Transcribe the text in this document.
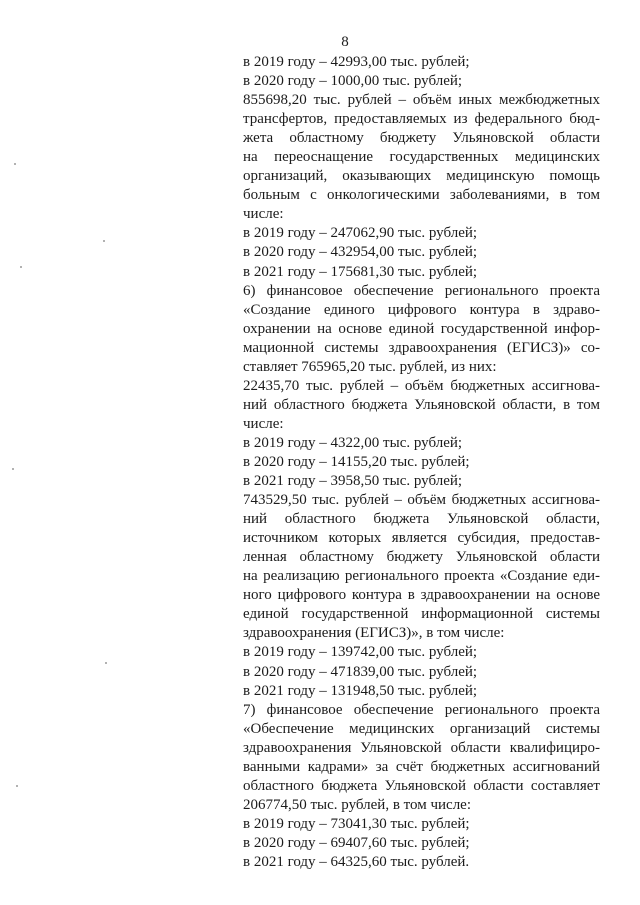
8
в 2019 году – 42993,00 тыс. рублей;
в 2020 году – 1000,00 тыс. рублей;
855698,20 тыс. рублей – объём иных межбюджетных
трансфертов, предоставляемых из федерального бюд-
жета областному бюджету Ульяновской области
на переоснащение государственных медицинских
организаций, оказывающих медицинскую помощь
больным с онкологическими заболеваниями, в том
числе:
в 2019 году – 247062,90 тыс. рублей;
в 2020 году – 432954,00 тыс. рублей;
в 2021 году – 175681,30 тыс. рублей;
6) финансовое обеспечение регионального проекта
«Создание единого цифрового контура в здраво-
охранении на основе единой государственной инфор-
мационной системы здравоохранения (ЕГИСЗ)» со-
ставляет 765965,20 тыс. рублей, из них:
22435,70 тыс. рублей – объём бюджетных ассигнова-
ний областного бюджета Ульяновской области, в том
числе:
в 2019 году – 4322,00 тыс. рублей;
в 2020 году – 14155,20 тыс. рублей;
в 2021 году – 3958,50 тыс. рублей;
743529,50 тыс. рублей – объём бюджетных ассигнова-
ний областного бюджета Ульяновской области,
источником которых является субсидия, предостав-
ленная областному бюджету Ульяновской области
на реализацию регионального проекта «Создание еди-
ного цифрового контура в здравоохранении на основе
единой государственной информационной системы
здравоохранения (ЕГИСЗ)», в том числе:
в 2019 году – 139742,00 тыс. рублей;
в 2020 году – 471839,00 тыс. рублей;
в 2021 году – 131948,50 тыс. рублей;
7) финансовое обеспечение регионального проекта
«Обеспечение медицинских организаций системы
здравоохранения Ульяновской области квалифициро-
ванными кадрами» за счёт бюджетных ассигнований
областного бюджета Ульяновской области составляет
206774,50 тыс. рублей, в том числе:
в 2019 году – 73041,30 тыс. рублей;
в 2020 году – 69407,60 тыс. рублей;
в 2021 году – 64325,60 тыс. рублей.
